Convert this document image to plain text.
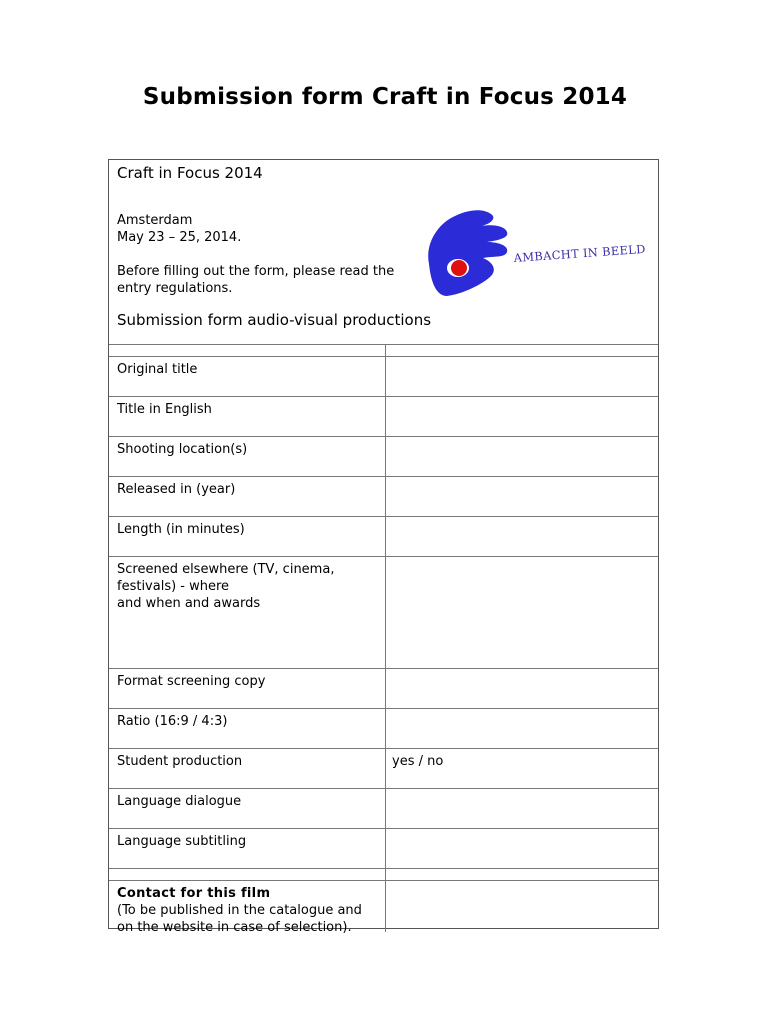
Submission form Craft in Focus 2014
Craft in Focus 2014
Amsterdam
May 23 – 25, 2014.
Before filling out the form, please read the entry regulations.
Submission form audio-visual productions
AMBACHT IN BEELD
Original title
Title in English
Shooting location(s)
Released in (year)
Length (in minutes)
Screened elsewhere (TV, cinema,
festivals) - where
and when and awards
Format screening copy
Ratio (16:9 / 4:3)
Student production	yes / no
Language dialogue
Language subtitling
Contact for this film
(To be published in the catalogue and on the website in case of selection).
